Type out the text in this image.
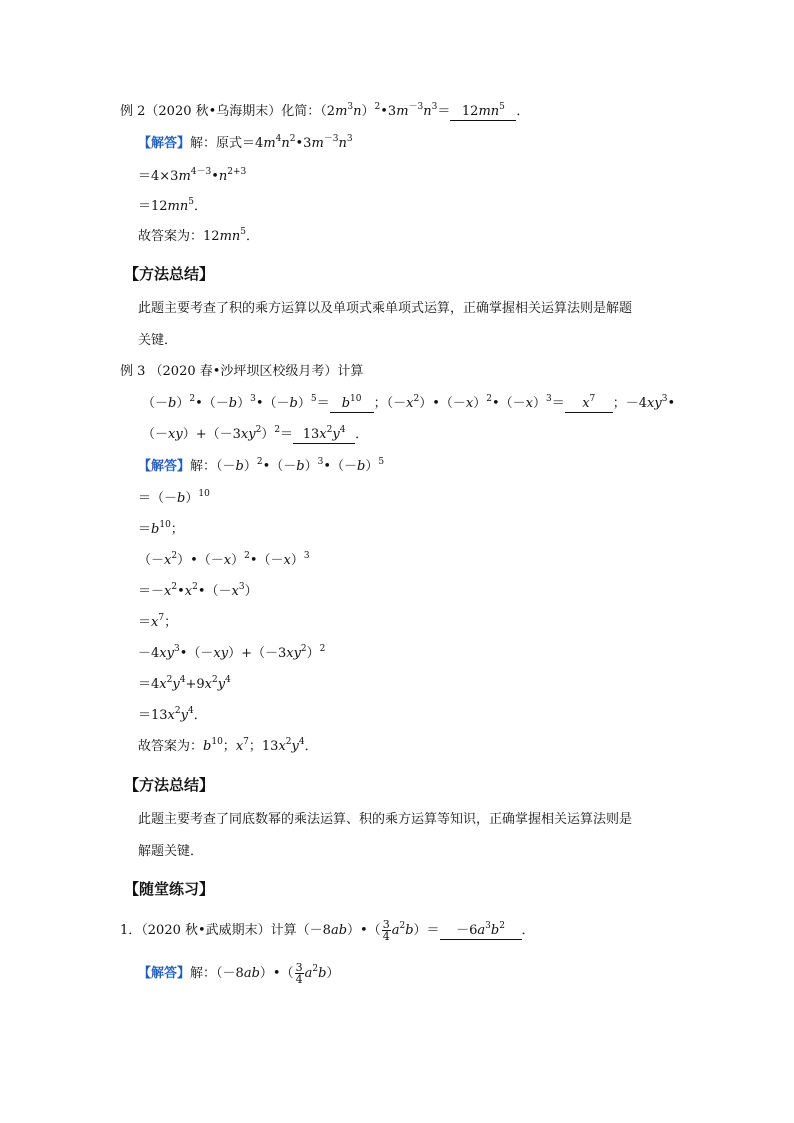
例 2（2020 秋•乌海期末）化简：$(2m^3n)^2•3m^{-3}n^3= 12mn^5$ ．
【解答】解：原式$=4m^4n^2•3m^{-3}n^3$
$=4\times 3m^{4-3}•n^{2+3}$
$=12mn^5$．
故答案为：$12mn^5$．
【方法总结】
此题主要考查了积的乘方运算以及单项式乘单项式运算，正确掌握相关运算法则是解题
关键．
例 3 （2020 春•沙坪坝区校级月考）计算
$(-b)^2•(-b)^3•(-b)^5= b^{10}$ ；$(-x^2)•(-x)^2•(-x)^3= x^7$ ；$-4xy^3•$
$(-xy)+(-3xy^2)^2= 13x^2y^4$ ．
【解答】解：$(-b)^2•(-b)^3•(-b)^5$
$=(-b)^{10}$
$=b^{10}$；
$(-x^2)•(-x)^2•(-x)^3$
$=-x^2•x^2•(-x^3)$
$=x^7$；
$-4xy^3•(-xy)+(-3xy^2)^2$
$=4x^2y^4+9x^2y^4$
$=13x^2y^4$．
故答案为：$b^{10}$；$x^7$；$13x^2y^4$．
【方法总结】
此题主要考查了同底数幂的乘法运算、积的乘方运算等知识，正确掌握相关运算法则是
解题关键．
【随堂练习】
1．（2020 秋•武威期末）计算（－8ab）•（ $\frac{3}{4} a^2b)= -6a^3b^2$ ．
【解答】解：（－8ab）•（ $\frac{3}{4} a^2b$）
